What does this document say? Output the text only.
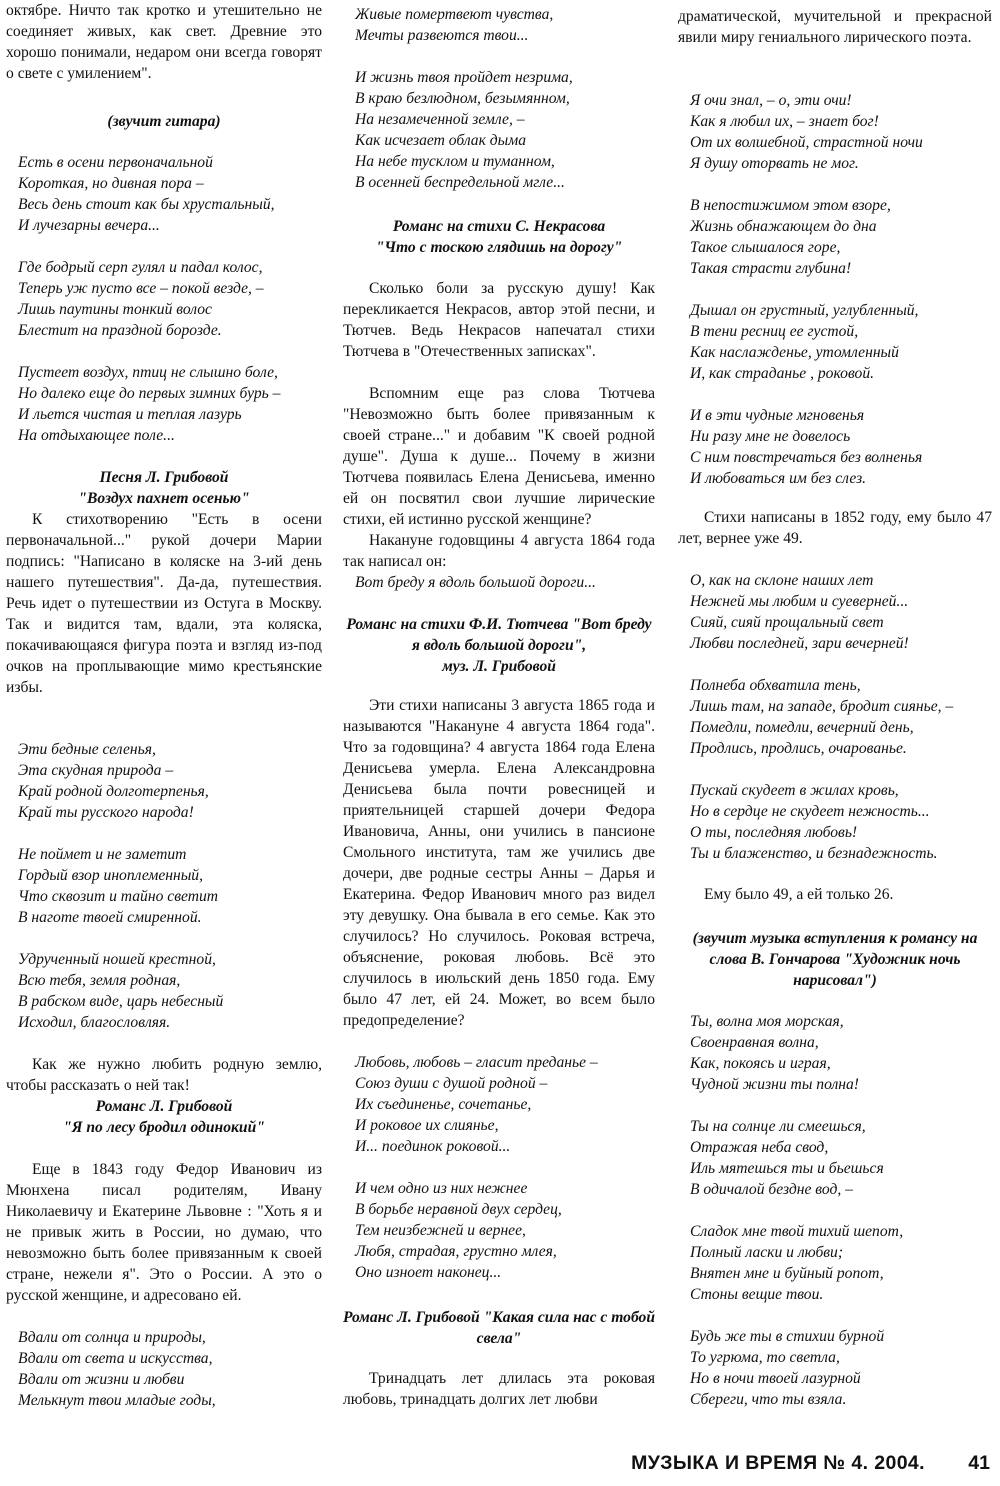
октябре. Ничто так кротко и утешительно не соединяет живых, как свет. Древние это хорошо понимали, недаром они всегда говорят о свете с умилением".
(звучит гитара)
Есть в осени первоначальной
Короткая, но дивная пора –
Весь день стоит как бы хрустальный,
И лучезарны вечера...
Где бодрый серп гулял и падал колос,
Теперь уж пусто все – покой везде, –
Лишь паутины тонкий волос
Блестит на праздной борозде.
Пустеет воздух, птиц не слышно боле,
Но далеко еще до первых зимних бурь –
И льется чистая и теплая лазурь
На отдыхающее поле...
Песня Л. Грибовой
"Воздух пахнет осенью"
К стихотворению "Есть в осени первоначальной..." рукой дочери Марии подпись: "Написано в коляске на 3-ий день нашего путешествия". Да-да, путешествия. Речь идет о путешествии из Остуга в Москву. Так и видится там, вдали, эта коляска, покачивающаяся фигура поэта и взгляд из-под очков на проплывающие мимо крестьянские избы.
Эти бедные селенья,
Эта скудная природа –
Край родной долготерпенья,
Край ты русского народа!
Не поймет и не заметит
Гордый взор иноплеменный,
Что сквозит и тайно светит
В наготе твоей смиренной.
Удрученный ношей крестной,
Всю тебя, земля родная,
В рабском виде, царь небесный
Исходил, благословляя.
Как же нужно любить родную землю, чтобы рассказать о ней так!
Романс Л. Грибовой
"Я по лесу бродил одинокий"
Еще в 1843 году Федор Иванович из Мюнхена писал родителям, Ивану Николаевичу и Екатерине Львовне : "Хоть я и не привык жить в России, но думаю, что невозможно быть более привязанным к своей стране, нежели я". Это о России. А это о русской женщине, и адресовано ей.
Вдали от солнца и природы,
Вдали от света и искусства,
Вдали от жизни и любви
Мелькнут твои младые годы,
Живые помертвеют чувства,
Мечты развеются твои...
И жизнь твоя пройдет незрима,
В краю безлюдном, безымянном,
На незамеченной земле, –
Как исчезает облак дыма
На небе тусклом и туманном,
В осенней беспредельной мгле...
Романс на стихи С. Некрасова
"Что с тоскою глядишь на дорогу"
Сколько боли за русскую душу! Как перекликается Некрасов, автор этой песни, и Тютчев. Ведь Некрасов напечатал стихи Тютчева в "Отечественных записках".
Вспомним еще раз слова Тютчева "Невозможно быть более привязанным к своей стране..." и добавим "К своей родной душе". Душа к душе... Почему в жизни Тютчева появилась Елена Денисьева, именно ей он посвятил свои лучшие лирические стихи, ей истинно русской женщине?
Накануне годовщины 4 августа 1864 года так написал он:
Вот бреду я вдоль большой дороги...
Романс на стихи Ф.И. Тютчева "Вот бреду я вдоль большой дороги",
муз. Л. Грибовой
Эти стихи написаны 3 августа 1865 года и называются "Накануне 4 августа 1864 года". Что за годовщина? 4 августа 1864 года Елена Денисьева умерла. Елена Александровна Денисьева была почти ровесницей и приятельницей старшей дочери Федора Ивановича, Анны, они учились в пансионе Смольного института, там же учились две дочери, две родные сестры Анны – Дарья и Екатерина. Федор Иванович много раз видел эту девушку. Она бывала в его семье. Как это случилось? Но случилось. Роковая встреча, объяснение, роковая любовь. Всё это случилось в июльский день 1850 года. Ему было 47 лет, ей 24. Может, во всем было предопределение?
Любовь, любовь – гласит преданье –
Союз души с душой родной –
Их съединенье, сочетанье,
И роковое их слиянье,
И... поединок роковой...
И чем одно из них нежнее
В борьбе неравной двух сердец,
Тем неизбежней и вернее,
Любя, страдая, грустно млея,
Оно изноет наконец...
Романс Л. Грибовой "Какая сила нас с тобой свела"
Тринадцать лет длилась эта роковая любовь, тринадцать долгих лет любви
драматической, мучительной и прекрасной явили миру гениального лирического поэта.
Я очи знал, – о, эти очи!
Как я любил их, – знает бог!
От их волшебной, страстной ночи
Я душу оторвать не мог.
В непостижимом этом взоре,
Жизнь обнажающем до дна
Такое слышалося горе,
Такая страсти глубина!
Дышал он грустный, углубленный,
В тени ресниц ее густой,
Как наслажденье, утомленный
И, как страданье , роковой.
И в эти чудные мгновенья
Ни разу мне не довелось
С ним повстречаться без волненья
И любоваться им без слез.
Стихи написаны в 1852 году, ему было 47 лет, вернее уже 49.
О, как на склоне наших лет
Нежней мы любим и суеверней...
Сияй, сияй прощальный свет
Любви последней, зари вечерней!
Полнеба обхватила тень,
Лишь там, на западе, бродит сиянье, –
Помедли, помедли, вечерний день,
Продлись, продлись, очарованье.
Пускай скудеет в жилах кровь,
Но в сердце не скудеет нежность...
О ты, последняя любовь!
Ты и блаженство, и безнадежность.
Ему было 49, а ей только 26.
(звучит музыка вступления к романсу на слова В. Гончарова "Художник ночь нарисовал")
Ты, волна моя морская,
Своенравная волна,
Как, покоясь и играя,
Чудной жизни ты полна!
Ты на солнце ли смеешься,
Отражая неба свод,
Иль мятешься ты и бьешься
В одичалой бездне вод, –
Сладок мне твой тихий шепот,
Полный ласки и любви;
Внятен мне и буйный ропот,
Стоны вещие твои.
Будь же ты в стихии бурной
То угрюма, то светла,
Но в ночи твоей лазурной
Сбереги, что ты взяла.
МУЗЫКА И ВРЕМЯ № 4. 2004. 41
